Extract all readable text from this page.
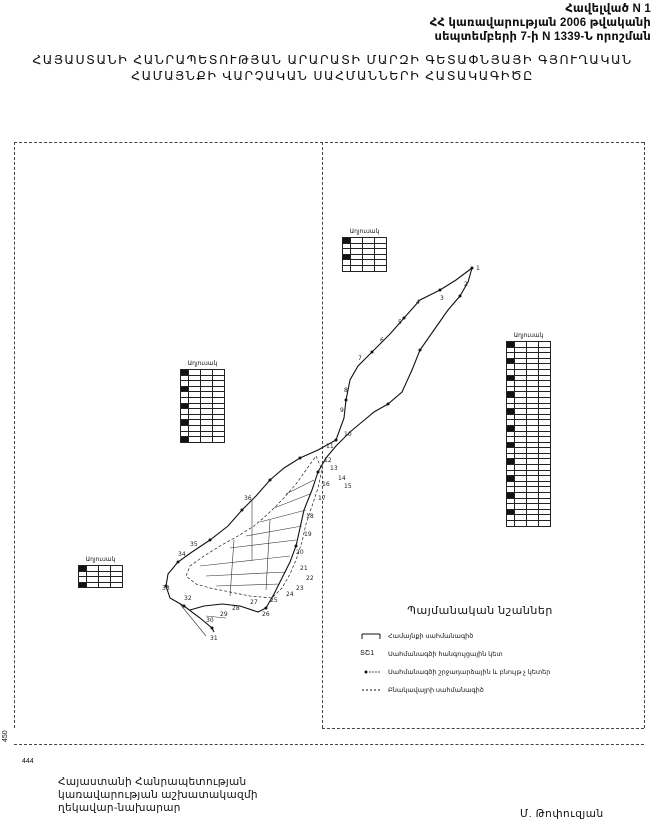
Հավելված N 1
ՀՀ կառավարության 2006 թվականի
սեպտեմբերի 7-ի N 1339-Ն որոշման
ՀԱՅԱՍՏԱՆԻ ՀԱՆՐԱՊԵՏՈՒԹՅԱՆ ԱՐԱՐԱՏԻ ՄԱՐԶԻ ԳԵՏԱՓՆՅԱՅԻ ԳՅՈՒՂԱԿԱՆ
ՀԱՄԱՅՆՔԻ ՎԱՐՉԱԿԱՆ ՍԱՀՄԱՆՆԵՐԻ ՀԱՏԱԿԱԳԻԾԸ
1
2
3
4
5
6
7
8
9
10
11
12
13
14
15
16
17
18
19
20
21
22
23
24
25
26
27
28
29
30
31
32
33
34
35
36
Աղյուսակ

Աղյուսակ

Աղյուսակ

Աղյուսակ

Պայմանական նշաններ
Համայնքի սահմանագիծ
ՏՇ1	Սահմանագծի հանգույցային կետ
Սահմանագծի շրջադարձային և բնույթ չ կետեր
Բնակավայրի սահմանագիծ
450
444
Հայաստանի Հանրապետության
կառավարության աշխատակազմի
ղեկավար-նախարար	Մ. Թոփուզյան
